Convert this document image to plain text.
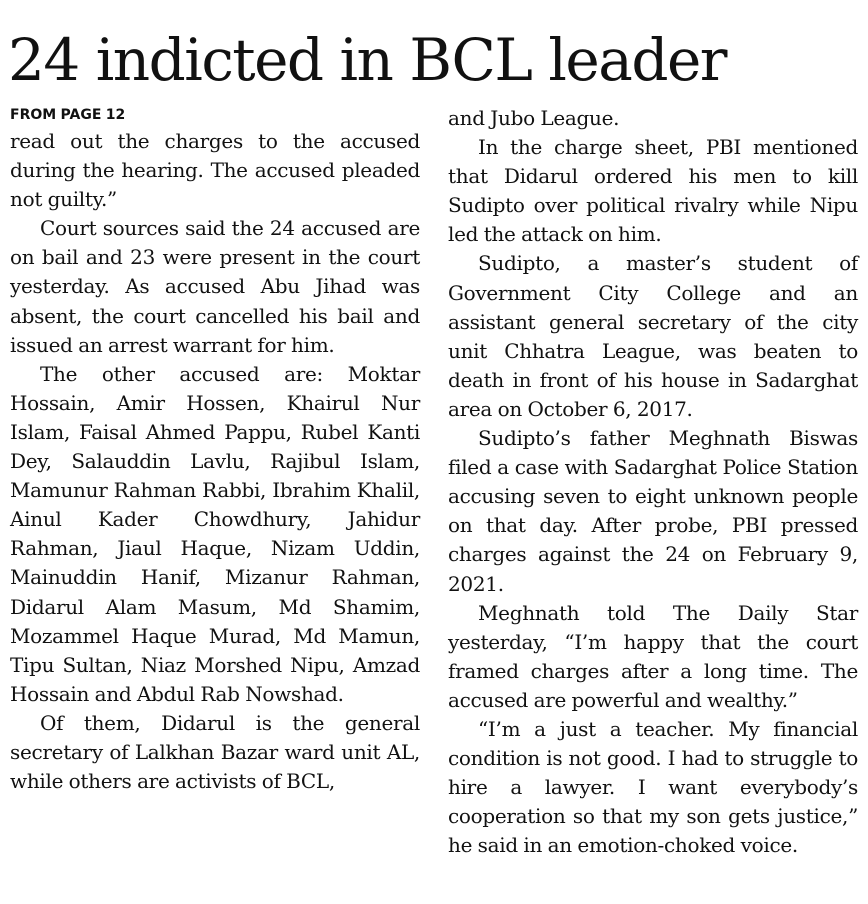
24 indicted in BCL leader
FROM PAGE 12

read out the charges to the accused during the hearing. The accused pleaded not guilty.”

Court sources said the 24 accused are on bail and 23 were present in the court yesterday. As accused Abu Jihad was absent, the court cancelled his bail and issued an arrest warrant for him.

The other accused are: Moktar Hossain, Amir Hossen, Khairul Nur Islam, Faisal Ahmed Pappu, Rubel Kanti Dey, Salauddin Lavlu, Rajibul Islam, Mamunur Rahman Rabbi, Ibrahim Khalil, Ainul Kader Chowdhury, Jahidur Rahman, Jiaul Haque, Nizam Uddin, Mainuddin Hanif, Mizanur Rahman, Didarul Alam Masum, Md Shamim, Mozammel Haque Murad, Md Mamun, Tipu Sultan, Niaz Morshed Nipu, Amzad Hossain and Abdul Rab Nowshad.

Of them, Didarul is the general secretary of Lalkhan Bazar ward unit AL, while others are activists of BCL,

and Jubo League.

In the charge sheet, PBI mentioned that Didarul ordered his men to kill Sudipto over political rivalry while Nipu led the attack on him.

Sudipto, a master’s student of Government City College and an assistant general secretary of the city unit Chhatra League, was beaten to death in front of his house in Sadarghat area on October 6, 2017.

Sudipto’s father Meghnath Biswas filed a case with Sadarghat Police Station accusing seven to eight unknown people on that day. After probe, PBI pressed charges against the 24 on February 9, 2021.

Meghnath told The Daily Star yesterday, “I’m happy that the court framed charges after a long time. The accused are powerful and wealthy.”

“I’m a just a teacher. My financial condition is not good. I had to struggle to hire a lawyer. I want everybody’s cooperation so that my son gets justice,” he said in an emotion-choked voice.
